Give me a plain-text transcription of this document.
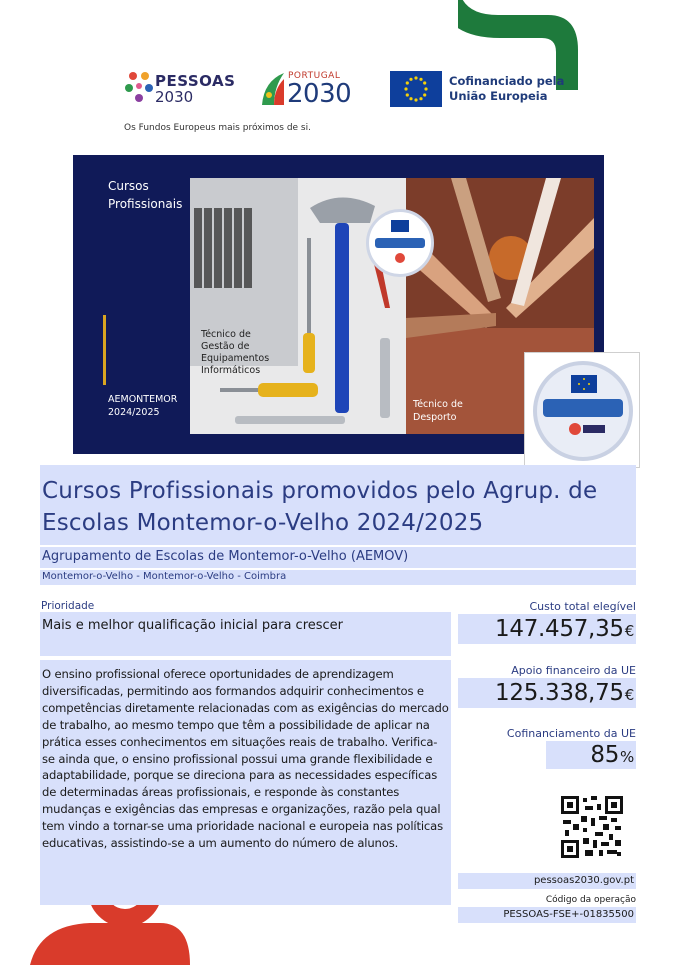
PESSOAS
2030
Os Fundos Europeus mais próximos de si.
PORTUGAL
2030	Cofinanciado pela
União Europeia
Cursos
Profissionais
AEMONTEMOR
2024/2025
Técnico de
Gestão de
Equipamentos
Informáticos
Técnico de
Desporto
Cursos Profissionais promovidos pelo Agrup. de
Escolas Montemor-o-Velho 2024/2025
Agrupamento de Escolas de Montemor-o-Velho (AEMOV)
Montemor-o-Velho - Montemor-o-Velho - Coimbra
Prioridade
Mais e melhor qualificação inicial para crescer
O ensino profissional oferece oportunidades de aprendizagem diversificadas, permitindo aos formandos adquirir conhecimentos e competências diretamente relacionadas com as exigências do mercado de trabalho, ao mesmo tempo que têm a possibilidade de aplicar na prática esses conhecimentos em situações reais de trabalho. Verifica-se ainda que, o ensino profissional possui uma grande flexibilidade e adaptabilidade, porque se direciona para as necessidades específicas de determinadas áreas profissionais, e responde às constantes mudanças e exigências das empresas e organizações, razão pela qual tem vindo a tornar-se uma prioridade nacional e europeia nas políticas educativas, assistindo-se a um aumento do número de alunos.
Custo total elegível
147.457,35€
Apoio financeiro da UE
125.338,75€
Cofinanciamento da UE
85%
pessoas2030.gov.pt
Código da operação
PESSOAS-FSE+-01835500
